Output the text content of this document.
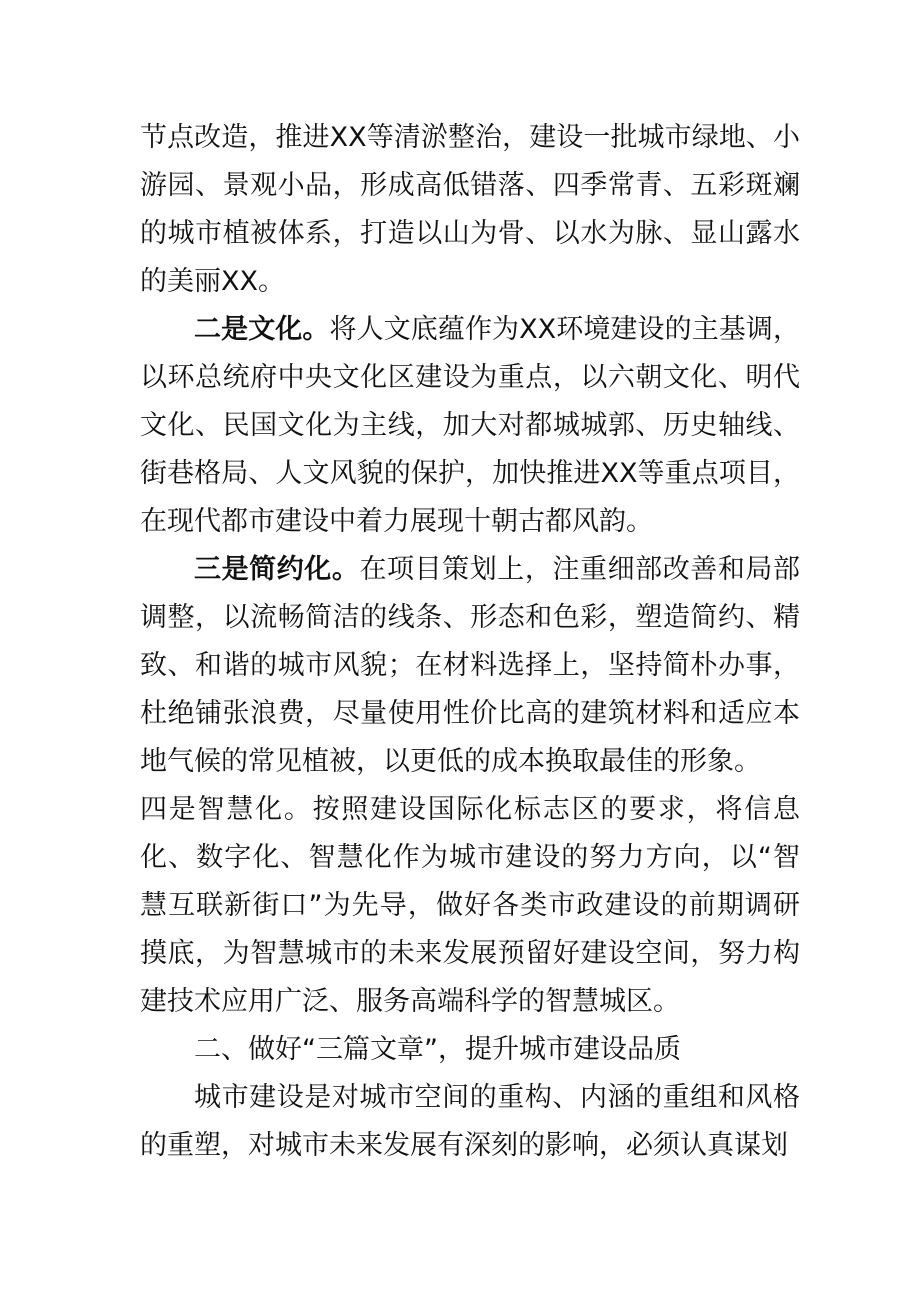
节点改造，推进XX等清淤整治，建设一批城市绿地、小游园、景观小品，形成高低错落、四季常青、五彩斑斓的城市植被体系，打造以山为骨、以水为脉、显山露水的美丽XX。

二是文化。将人文底蕴作为XX环境建设的主基调，以环总统府中央文化区建设为重点，以六朝文化、明代文化、民国文化为主线，加大对都城城郭、历史轴线、街巷格局、人文风貌的保护，加快推进XX等重点项目，在现代都市建设中着力展现十朝古都风韵。

三是简约化。在项目策划上，注重细部改善和局部调整，以流畅简洁的线条、形态和色彩，塑造简约、精致、和谐的城市风貌；在材料选择上，坚持简朴办事，杜绝铺张浪费，尽量使用性价比高的建筑材料和适应本地气候的常见植被，以更低的成本换取最佳的形象。

四是智慧化。按照建设国际化标志区的要求，将信息化、数字化、智慧化作为城市建设的努力方向，以“智慧互联新街口”为先导，做好各类市政建设的前期调研摸底，为智慧城市的未来发展预留好建设空间，努力构建技术应用广泛、服务高端科学的智慧城区。

二、做好“三篇文章”，提升城市建设品质

城市建设是对城市空间的重构、内涵的重组和风格的重塑，对城市未来发展有深刻的影响，必须认真谋划
